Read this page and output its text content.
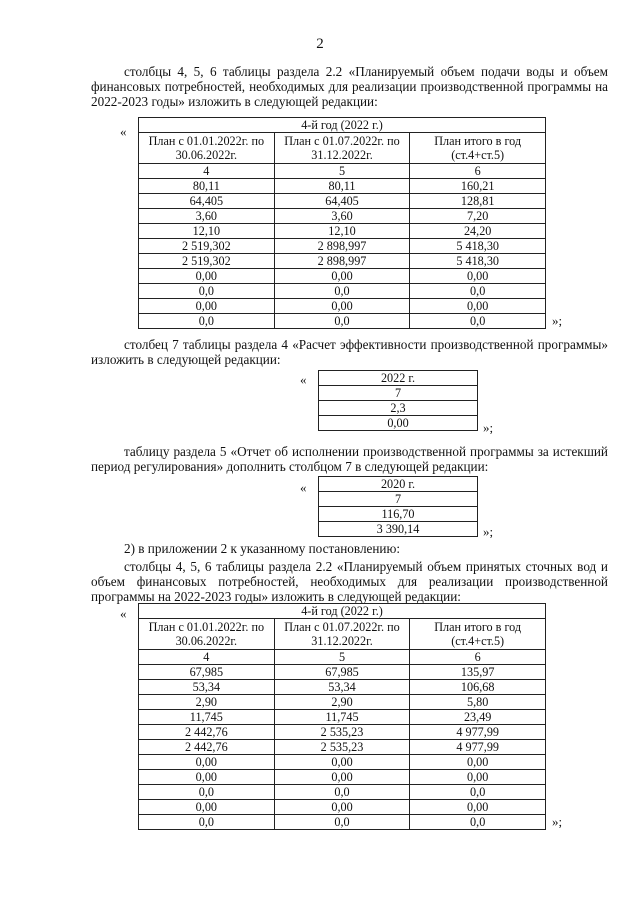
2
столбцы 4, 5, 6 таблицы раздела 2.2 «Планируемый объем подачи воды и объем финансовых потребностей, необходимых для реализации производственной программы на 2022-2023 годы» изложить в следующей редакции:
«	4-й год (2022 г.)		
План с 01.01.2022г. по 30.06.2022г.	План с 01.07.2022г. по 31.12.2022г.	План итого в год (ст.4+ст.5)
4	5	6
80,11	80,11	160,21
64,405	64,405	128,81
3,60	3,60	7,20
12,10	12,10	24,20
2 519,302	2 898,997	5 418,30
2 519,302	2 898,997	5 418,30
0,00	0,00	0,00
0,0	0,0	0,0
0,00	0,00	0,00
0,0	0,0	0,0	»;
столбец 7 таблицы раздела 4 «Расчет эффективности производственной программы» изложить в следующей редакции:
«	2022 г.
7
2,3
0,00	»;
таблицу раздела 5 «Отчет об исполнении производственной программы за истекший период регулирования» дополнить столбцом 7 в следующей редакции:
«	2020 г.
7
116,70
3 390,14	»;
2) в приложении 2 к указанному постановлению:
столбцы 4, 5, 6 таблицы раздела 2.2 «Планируемый объем принятых сточных вод и объем финансовых потребностей, необходимых для реализации производственной программы на 2022-2023 годы» изложить в следующей редакции:
«	4-й год (2022 г.)		
План с 01.01.2022г. по 30.06.2022г.	План с 01.07.2022г. по 31.12.2022г.	План итого в год (ст.4+ст.5)
4	5	6
67,985	67,985	135,97
53,34	53,34	106,68
2,90	2,90	5,80
11,745	11,745	23,49
2 442,76	2 535,23	4 977,99
2 442,76	2 535,23	4 977,99
0,00	0,00	0,00
0,00	0,00	0,00
0,0	0,0	0,0
0,00	0,00	0,00
0,0	0,0	0,0	»;
